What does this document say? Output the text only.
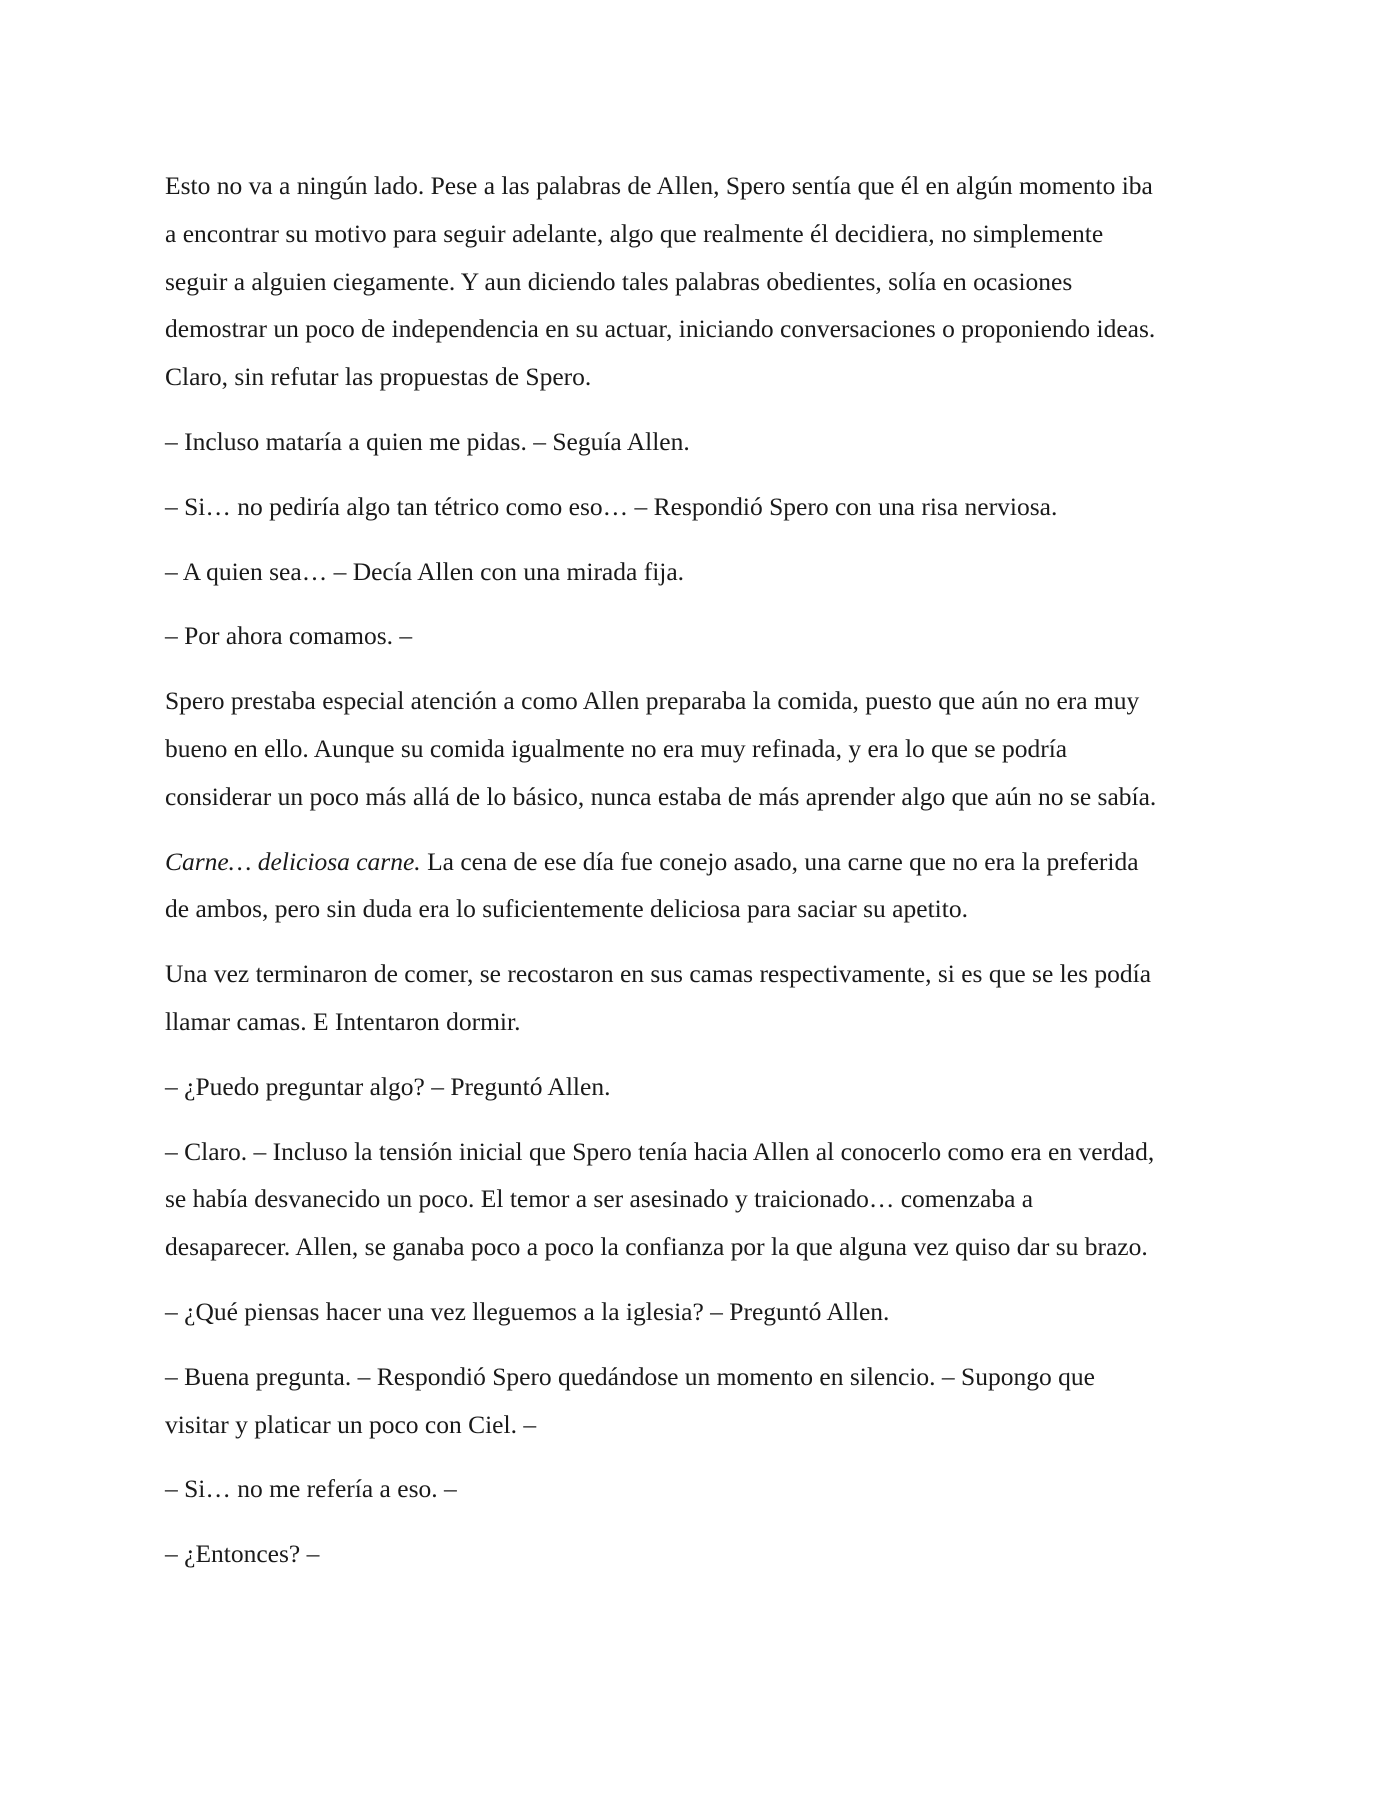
Esto no va a ningún lado. Pese a las palabras de Allen, Spero sentía que él en algún momento iba
a encontrar su motivo para seguir adelante, algo que realmente él decidiera, no simplemente
seguir a alguien ciegamente. Y aun diciendo tales palabras obedientes, solía en ocasiones
demostrar un poco de independencia en su actuar, iniciando conversaciones o proponiendo ideas.
Claro, sin refutar las propuestas de Spero.

– Incluso mataría a quien me pidas. – Seguía Allen.

– Si… no pediría algo tan tétrico como eso… – Respondió Spero con una risa nerviosa.

– A quien sea… – Decía Allen con una mirada fija.

– Por ahora comamos. –

Spero prestaba especial atención a como Allen preparaba la comida, puesto que aún no era muy
bueno en ello. Aunque su comida igualmente no era muy refinada, y era lo que se podría
considerar un poco más allá de lo básico, nunca estaba de más aprender algo que aún no se sabía.

Carne… deliciosa carne. La cena de ese día fue conejo asado, una carne que no era la preferida
de ambos, pero sin duda era lo suficientemente deliciosa para saciar su apetito.

Una vez terminaron de comer, se recostaron en sus camas respectivamente, si es que se les podía
llamar camas. E Intentaron dormir.

– ¿Puedo preguntar algo? – Preguntó Allen.

– Claro. – Incluso la tensión inicial que Spero tenía hacia Allen al conocerlo como era en verdad,
se había desvanecido un poco. El temor a ser asesinado y traicionado… comenzaba a
desaparecer. Allen, se ganaba poco a poco la confianza por la que alguna vez quiso dar su brazo.

– ¿Qué piensas hacer una vez lleguemos a la iglesia? – Preguntó Allen.

– Buena pregunta. – Respondió Spero quedándose un momento en silencio. – Supongo que
visitar y platicar un poco con Ciel. –

– Si… no me refería a eso. –

– ¿Entonces? –
